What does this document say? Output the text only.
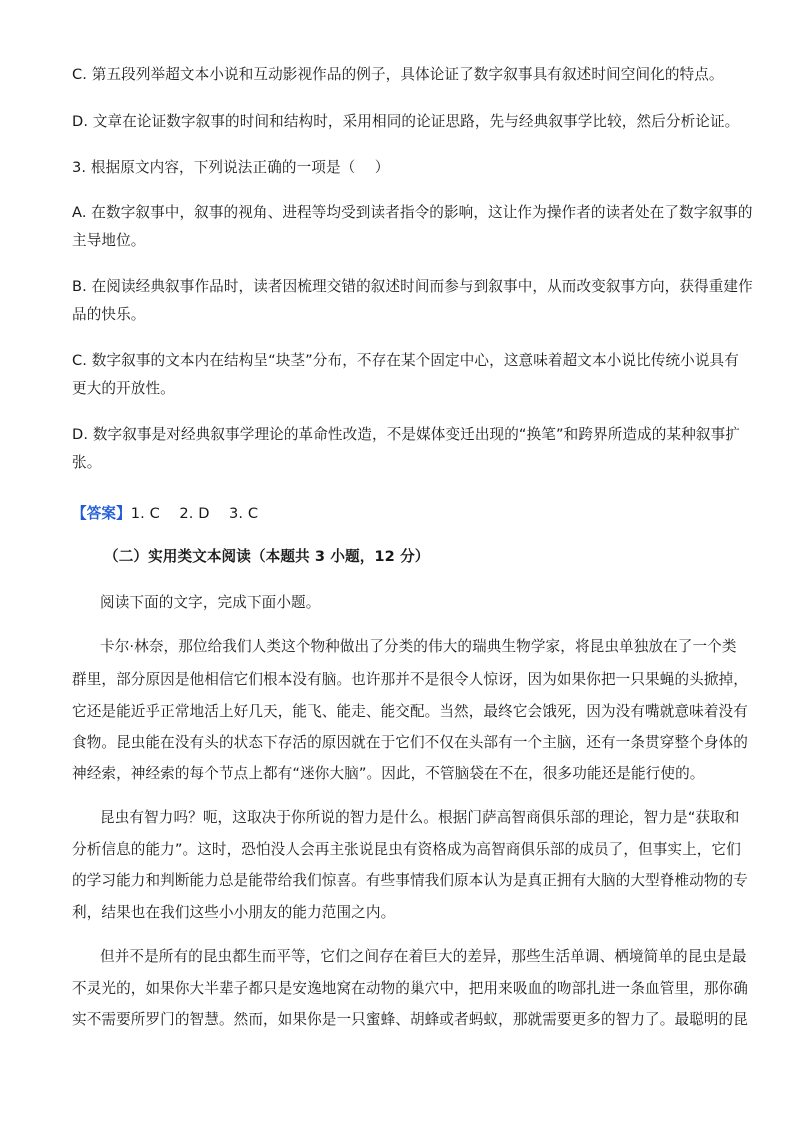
C. 第五段列举超文本小说和互动影视作品的例子，具体论证了数字叙事具有叙述时间空间化的特点。
D. 文章在论证数字叙事的时间和结构时，采用相同的论证思路，先与经典叙事学比较，然后分析论证。
3. 根据原文内容，下列说法正确的一项是（　 ）
A. 在数字叙事中，叙事的视角、进程等均受到读者指令的影响，这让作为操作者的读者处在了数字叙事的
主导地位。
B. 在阅读经典叙事作品时，读者因梳理交错的叙述时间而参与到叙事中，从而改变叙事方向，获得重建作
品的快乐。
C. 数字叙事的文本内在结构呈“块茎”分布，不存在某个固定中心，这意味着超文本小说比传统小说具有
更大的开放性。
D. 数字叙事是对经典叙事学理论的革命性改造，不是媒体变迁出现的“换笔”和跨界所造成的某种叙事扩
张。
【答案】1. C　 2. D　 3. C
（二）实用类文本阅读（本题共 3 小题，12 分）
阅读下面的文字，完成下面小题。
卡尔·林奈，那位给我们人类这个物种做出了分类的伟大的瑞典生物学家，将昆虫单独放在了一个类
群里，部分原因是他相信它们根本没有脑。也许那并不是很令人惊讶，因为如果你把一只果蝇的头掀掉，
它还是能近乎正常地活上好几天，能飞、能走、能交配。当然，最终它会饿死，因为没有嘴就意味着没有
食物。昆虫能在没有头的状态下存活的原因就在于它们不仅在头部有一个主脑，还有一条贯穿整个身体的
神经索，神经索的每个节点上都有“迷你大脑”。因此，不管脑袋在不在，很多功能还是能行使的。
昆虫有智力吗？呃，这取决于你所说的智力是什么。根据门萨高智商俱乐部的理论，智力是“获取和
分析信息的能力”。这时，恐怕没人会再主张说昆虫有资格成为高智商俱乐部的成员了，但事实上，它们
的学习能力和判断能力总是能带给我们惊喜。有些事情我们原本认为是真正拥有大脑的大型脊椎动物的专
利，结果也在我们这些小小朋友的能力范围之内。
但并不是所有的昆虫都生而平等，它们之间存在着巨大的差异，那些生活单调、栖境简单的昆虫是最
不灵光的，如果你大半辈子都只是安逸地窝在动物的巢穴中，把用来吸血的吻部扎进一条血管里，那你确
实不需要所罗门的智慧。然而，如果你是一只蜜蜂、胡蜂或者蚂蚁，那就需要更多的智力了。最聪明的昆
